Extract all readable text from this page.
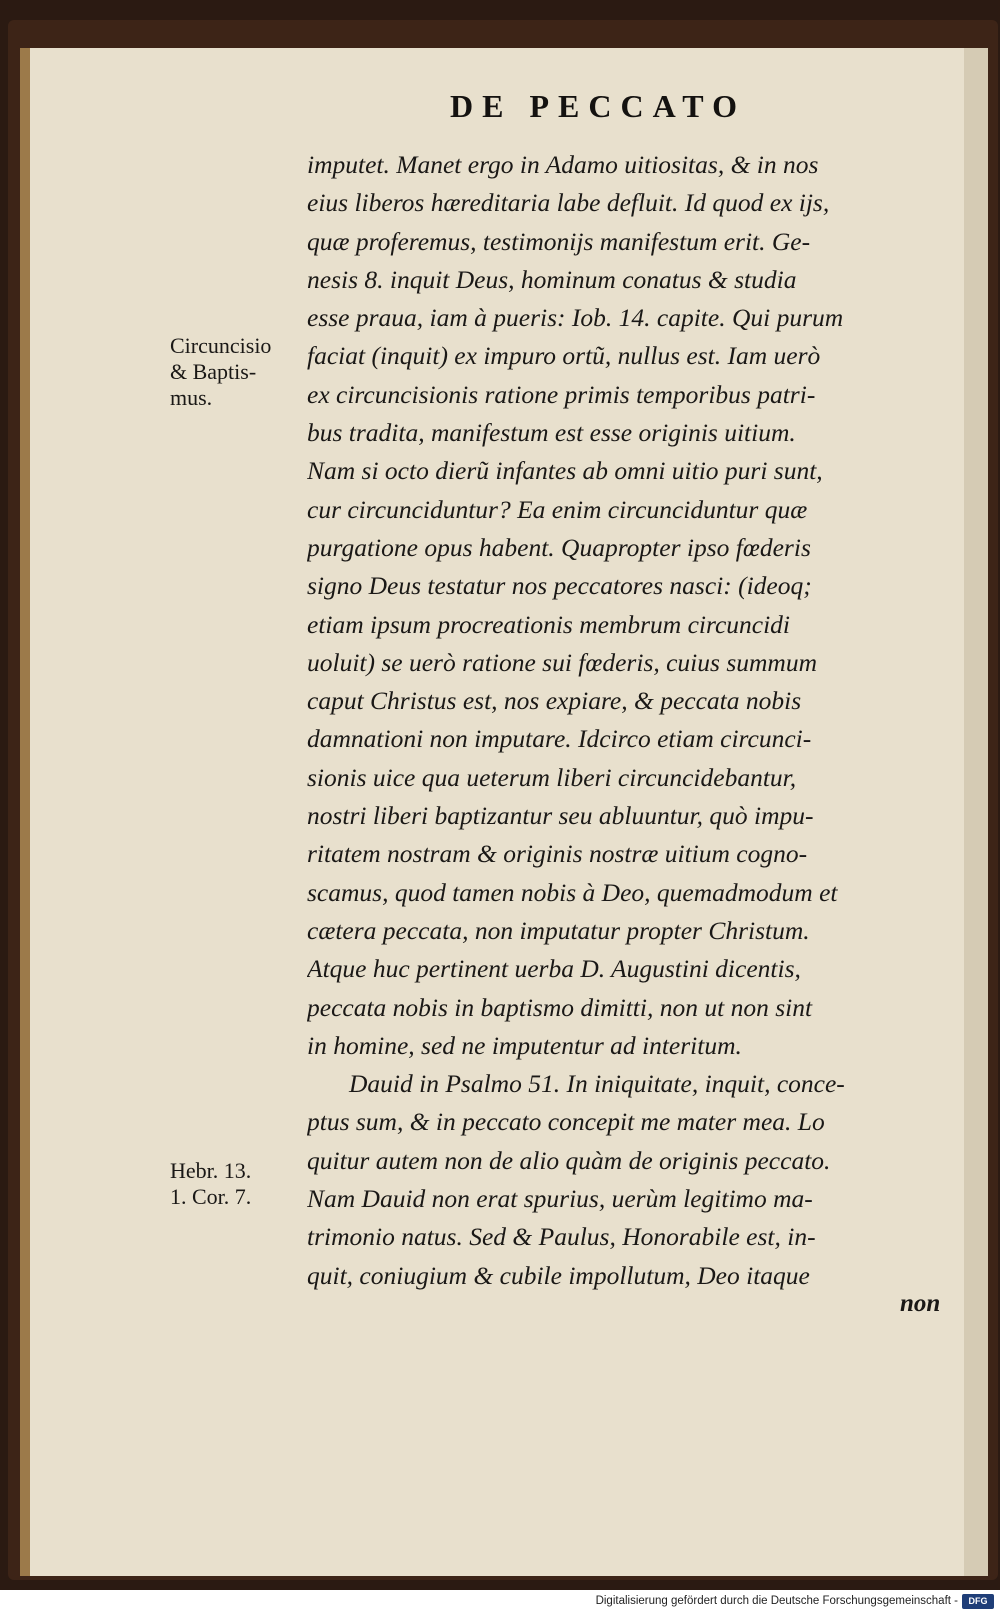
DE PECCATO
Circuncisio
& Baptis-
mus.
Hebr. 13.
1. Cor. 7.
imputet. Manet ergo in Adamo uitiositas, & in nos
eius liberos hæreditaria labe defluit. Id quod ex ijs,
quæ proferemus, testimonijs manifestum erit. Ge-
nesis 8. inquit Deus, hominum conatus & studia
esse praua, iam à pueris: Iob. 14. capite. Qui purum
faciat (inquit) ex impuro ortũ, nullus est. Iam uerò
ex circuncisionis ratione primis temporibus patri-
bus tradita, manifestum est esse originis uitium.
Nam si octo dierũ infantes ab omni uitio puri sunt,
cur circunciduntur? Ea enim circunciduntur quæ
purgatione opus habent. Quapropter ipso fœderis
signo Deus testatur nos peccatores nasci: (ideoq;
etiam ipsum procreationis membrum circuncidi
uoluit) se uerò ratione sui fœderis, cuius summum
caput Christus est, nos expiare, & peccata nobis
damnationi non imputare. Idcirco etiam circunci-
sionis uice qua ueterum liberi circuncidebantur,
nostri liberi baptizantur seu abluuntur, quò impu-
ritatem nostram & originis nostræ uitium cogno-
scamus, quod tamen nobis à Deo, quemadmodum et
cætera peccata, non imputatur propter Christum.
Atque huc pertinent uerba D. Augustini dicentis,
peccata nobis in baptismo dimitti, non ut non sint
in homine, sed ne imputentur ad interitum.
Dauid in Psalmo 51. In iniquitate, inquit, conce-
ptus sum, & in peccato concepit me mater mea. Lo
quitur autem non de alio quàm de originis peccato.
Nam Dauid non erat spurius, uerùm legitimo ma-
trimonio natus. Sed & Paulus, Honorabile est, in-
quit, coniugium & cubile impollutum, Deo itaque
non
Digitalisierung gefördert durch die Deutsche Forschungsgemeinschaft -	DFG
